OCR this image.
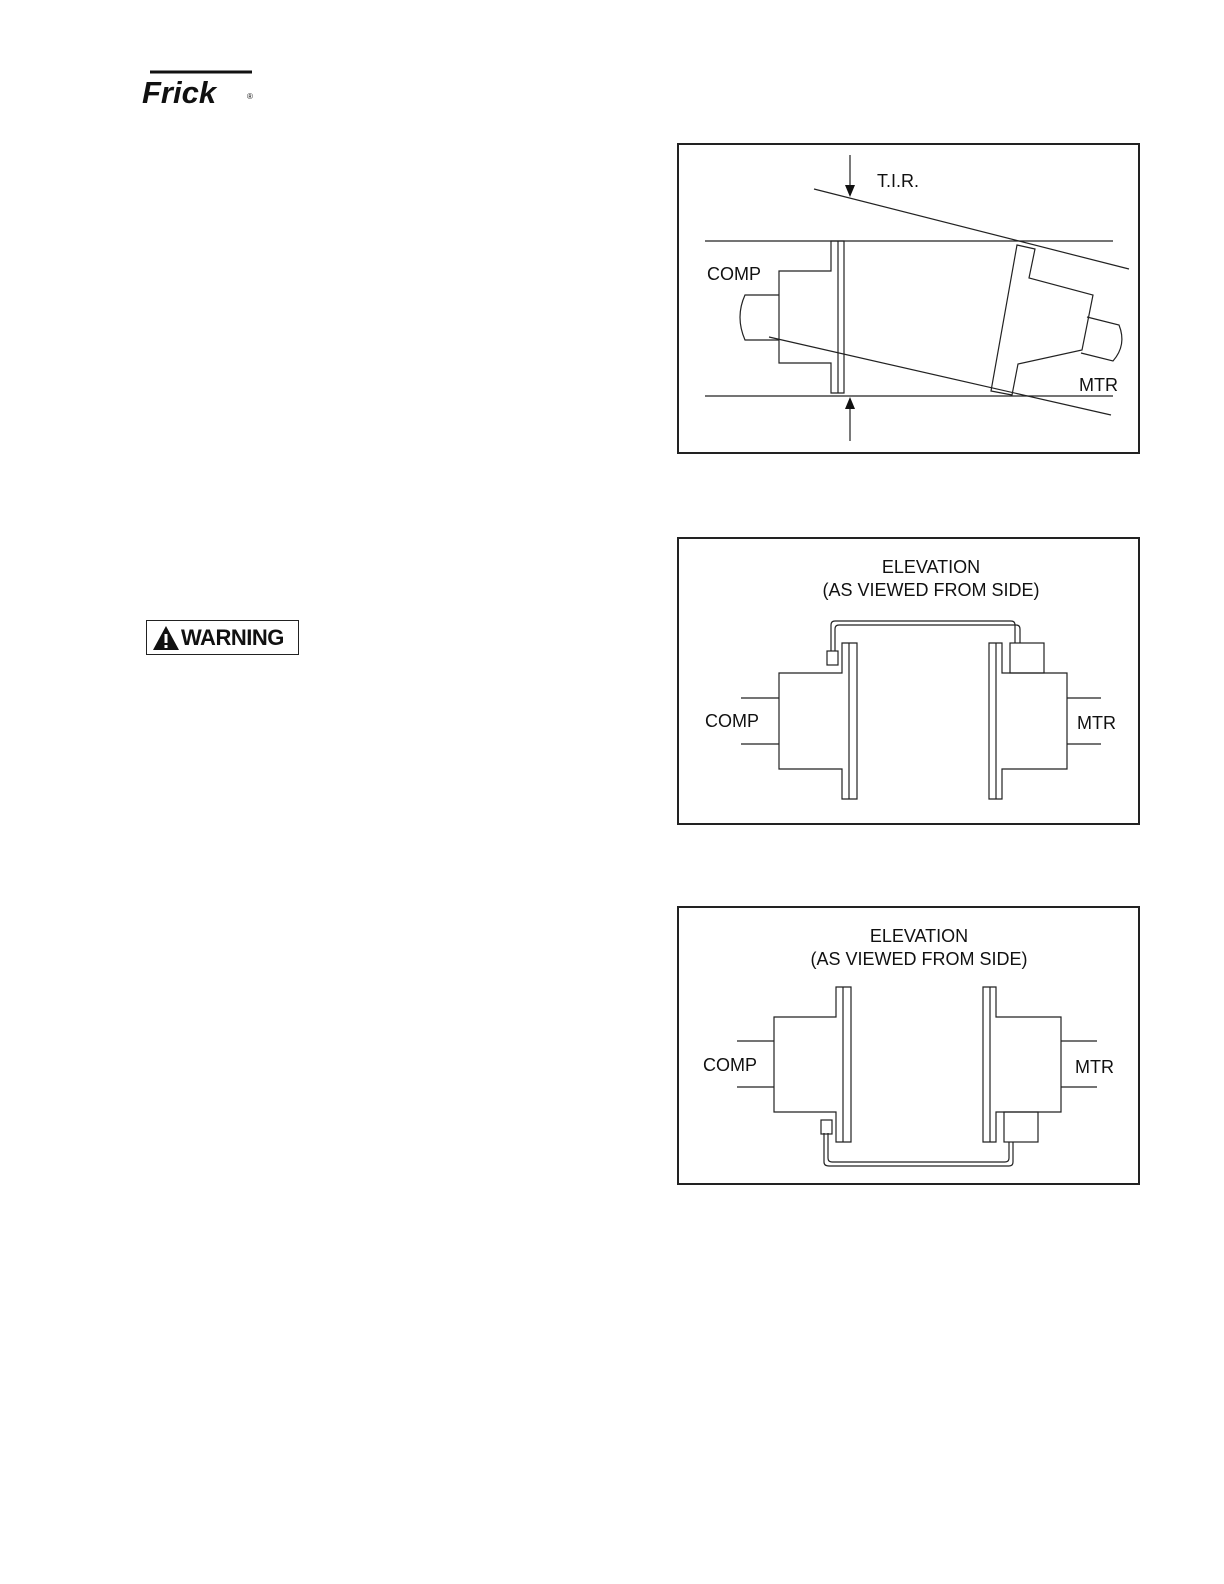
Frick	®
WARNING
T.I.R.
COMP
MTR
ELEVATION
(AS VIEWED FROM SIDE)
COMP	MTR
ELEVATION
(AS VIEWED FROM SIDE)
COMP	MTR
